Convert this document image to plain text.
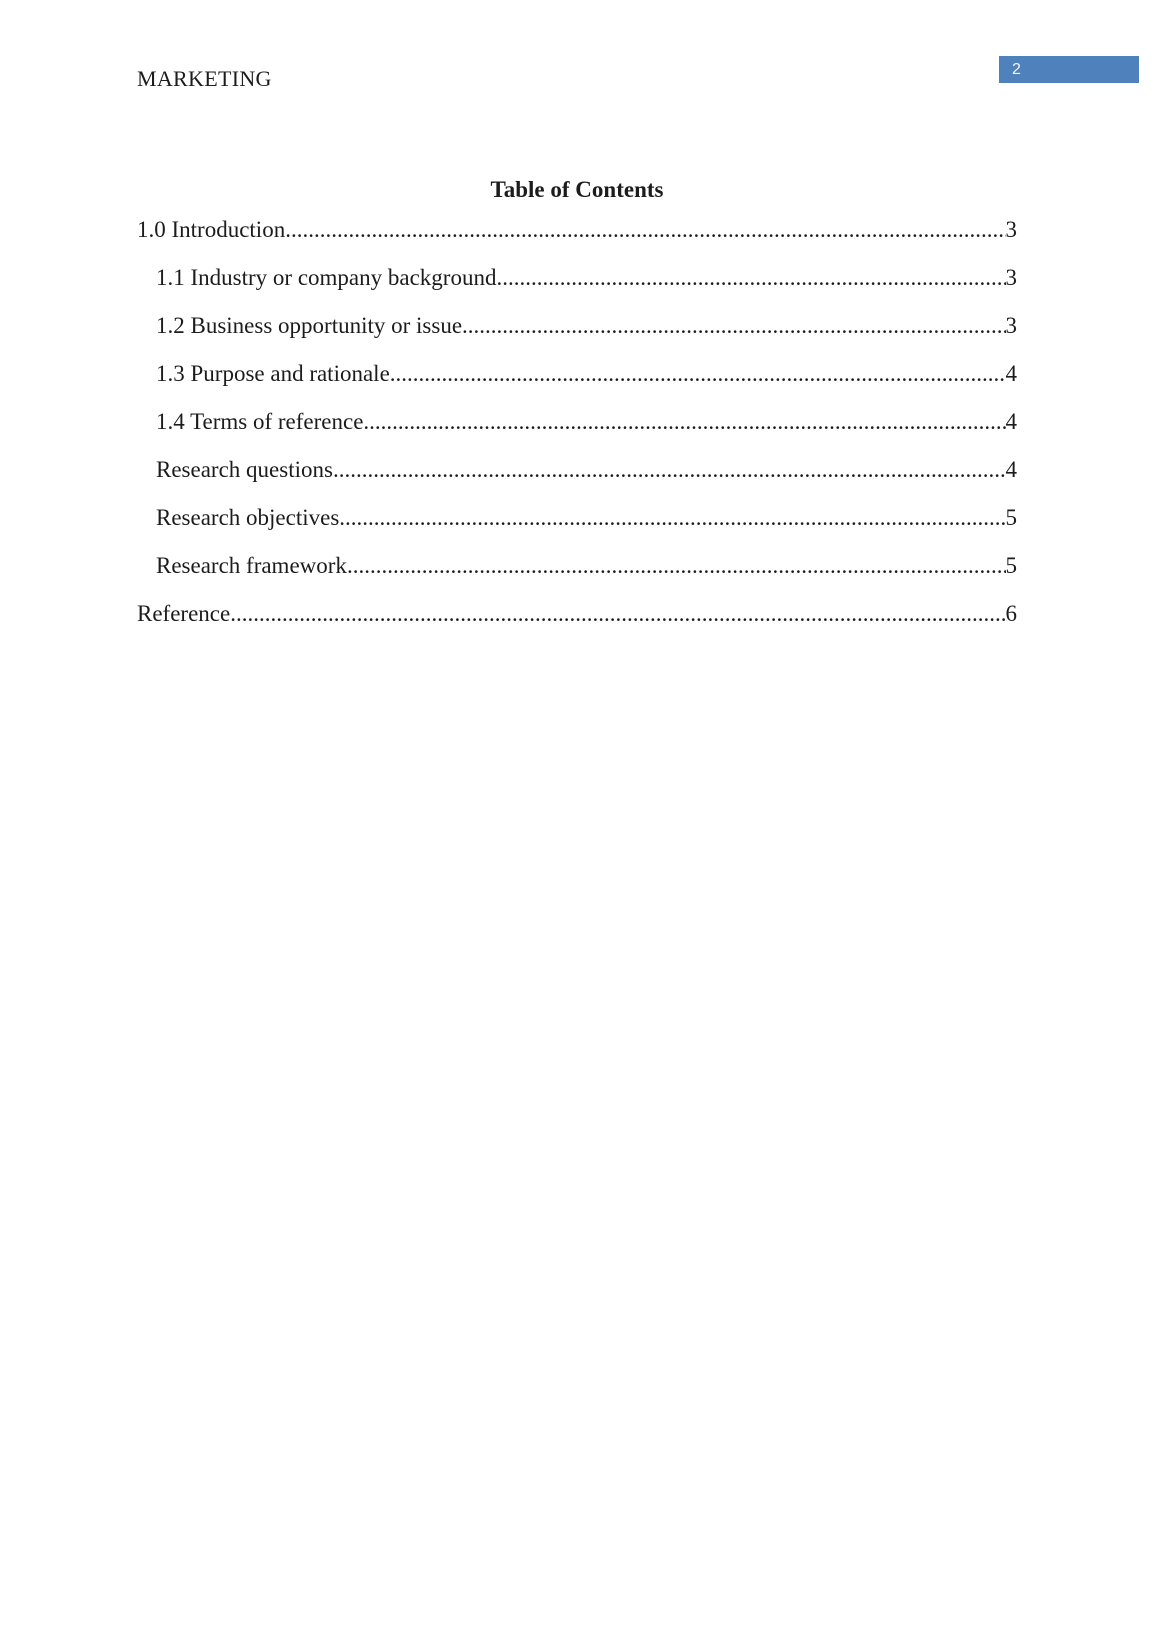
MARKETING	2
Table of Contents
1.0 Introduction .....	3
1.1 Industry or company background .....	3
1.2 Business opportunity or issue .....	3
1.3 Purpose and rationale .....	4
1.4 Terms of reference .....	4
Research questions .....	4
Research objectives .....	5
Research framework .....	5
Reference .....	6
